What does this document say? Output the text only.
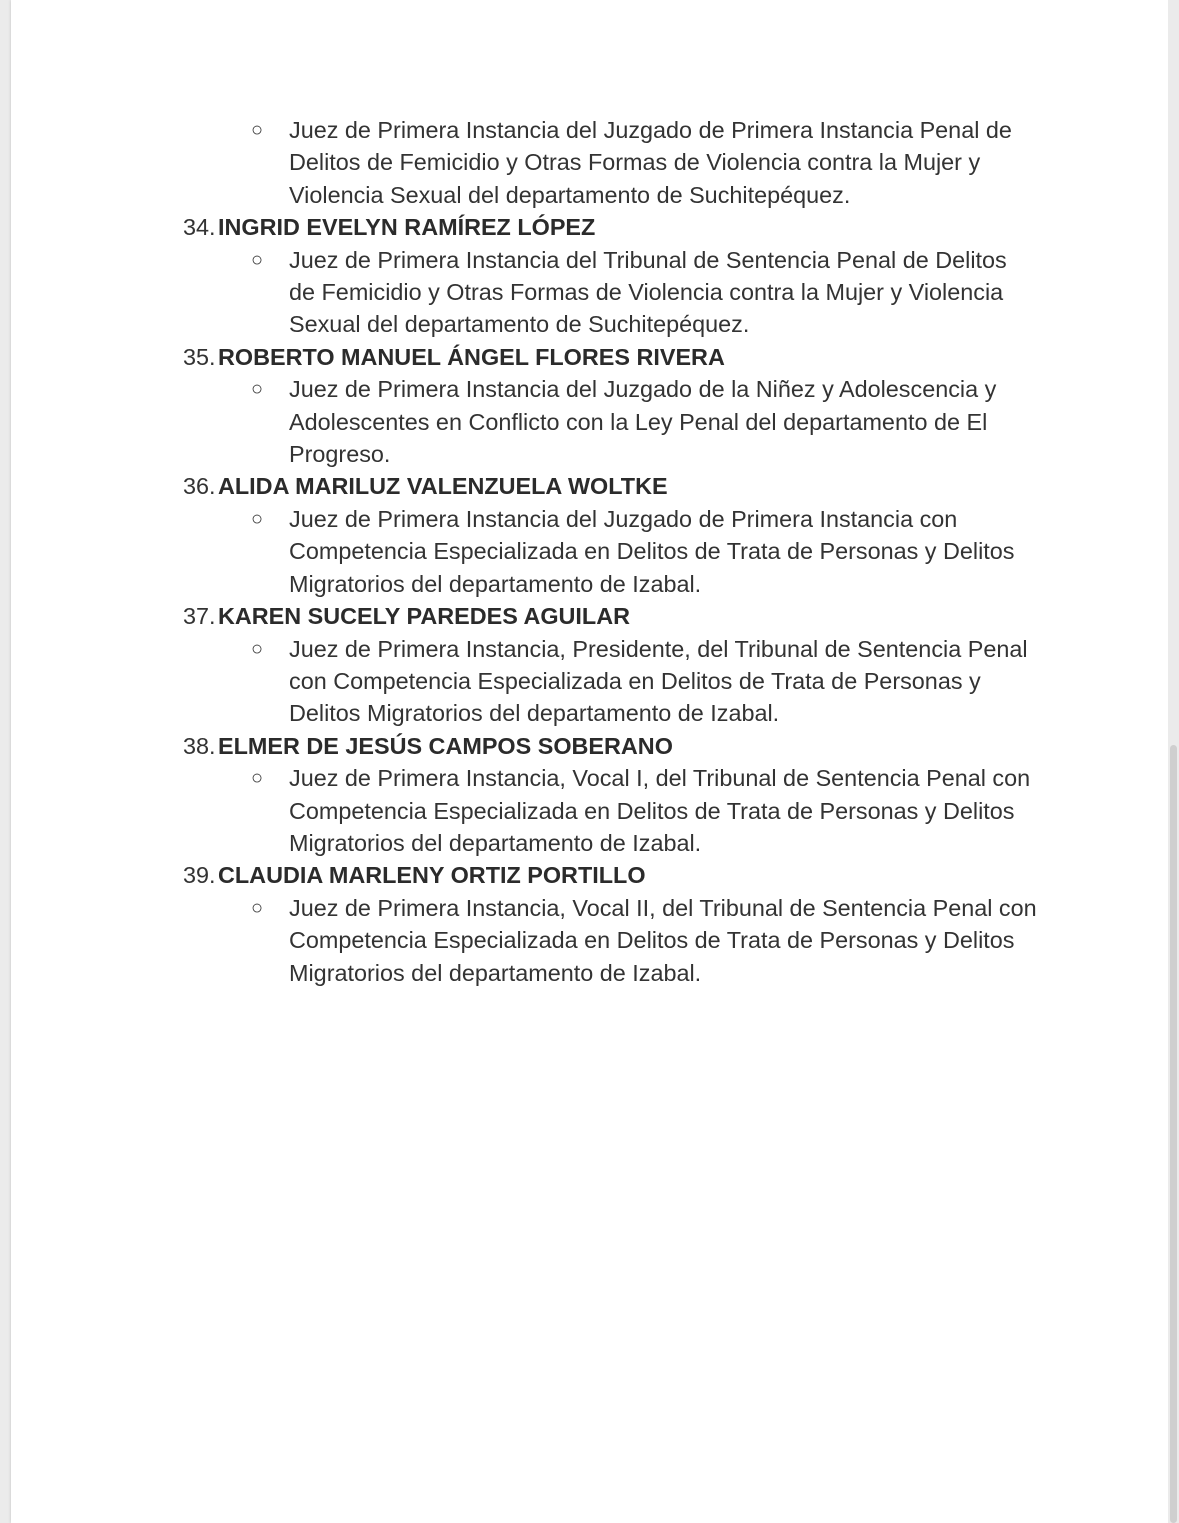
○ Juez de Primera Instancia del Juzgado de Primera Instancia Penal de
Delitos de Femicidio y Otras Formas de Violencia contra la Mujer y
Violencia Sexual del departamento de Suchitepéquez.
34. INGRID EVELYN RAMÍREZ LÓPEZ
○ Juez de Primera Instancia del Tribunal de Sentencia Penal de Delitos
de Femicidio y Otras Formas de Violencia contra la Mujer y Violencia
Sexual del departamento de Suchitepéquez.
35. ROBERTO MANUEL ÁNGEL FLORES RIVERA
○ Juez de Primera Instancia del Juzgado de la Niñez y Adolescencia y
Adolescentes en Conflicto con la Ley Penal del departamento de El
Progreso.
36. ALIDA MARILUZ VALENZUELA WOLTKE
○ Juez de Primera Instancia del Juzgado de Primera Instancia con
Competencia Especializada en Delitos de Trata de Personas y Delitos
Migratorios del departamento de Izabal.
37. KAREN SUCELY PAREDES AGUILAR
○ Juez de Primera Instancia, Presidente, del Tribunal de Sentencia Penal
con Competencia Especializada en Delitos de Trata de Personas y
Delitos Migratorios del departamento de Izabal.
38. ELMER DE JESÚS CAMPOS SOBERANO
○ Juez de Primera Instancia, Vocal I, del Tribunal de Sentencia Penal con
Competencia Especializada en Delitos de Trata de Personas y Delitos
Migratorios del departamento de Izabal.
39. CLAUDIA MARLENY ORTIZ PORTILLO
○ Juez de Primera Instancia, Vocal II, del Tribunal de Sentencia Penal con
Competencia Especializada en Delitos de Trata de Personas y Delitos
Migratorios del departamento de Izabal.
